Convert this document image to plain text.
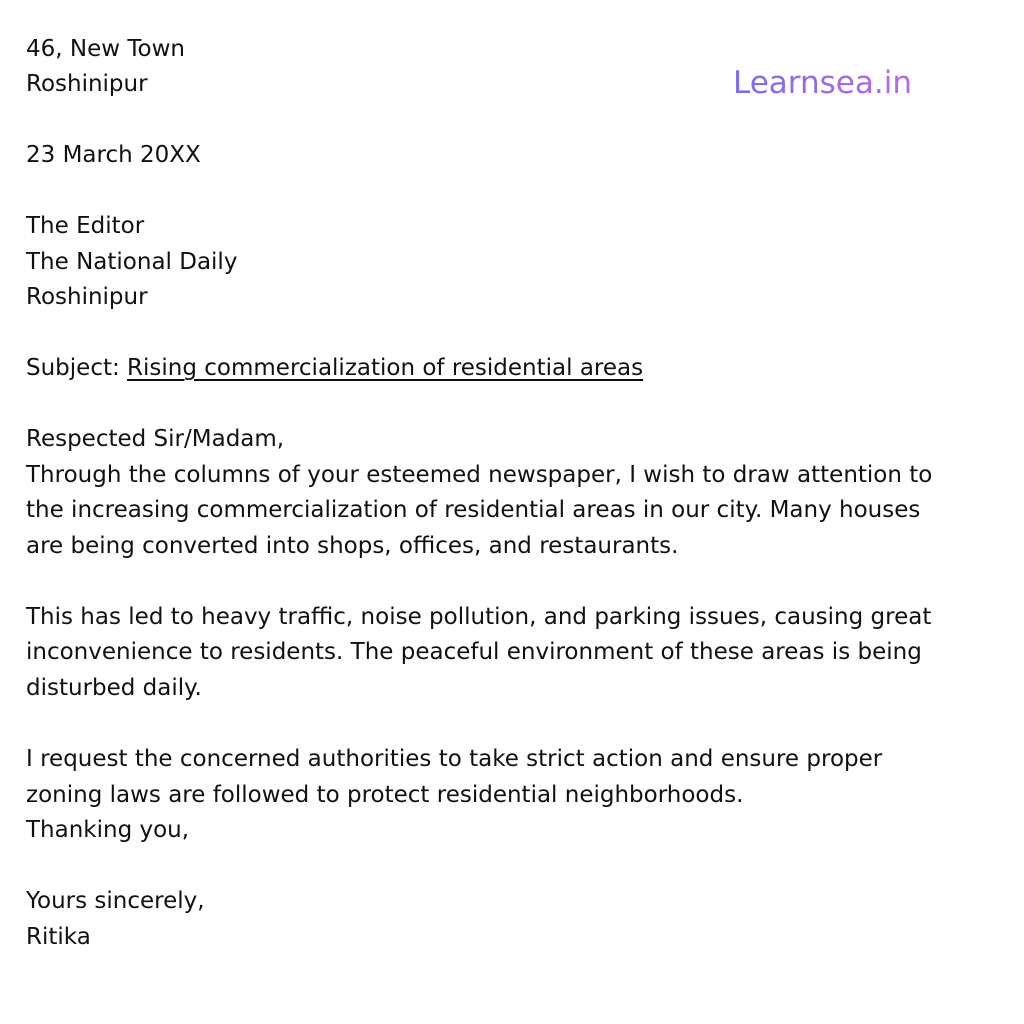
Learnsea.in
46, New Town
Roshinipur
23 March 20XX
The Editor
The National Daily
Roshinipur
Subject: Rising commercialization of residential areas
Respected Sir/Madam,
Through the columns of your esteemed newspaper, I wish to draw attention to
the increasing commercialization of residential areas in our city. Many houses
are being converted into shops, offices, and restaurants.
This has led to heavy traffic, noise pollution, and parking issues, causing great
inconvenience to residents. The peaceful environment of these areas is being
disturbed daily.
I request the concerned authorities to take strict action and ensure proper
zoning laws are followed to protect residential neighborhoods.
Thanking you,
Yours sincerely,
Ritika
